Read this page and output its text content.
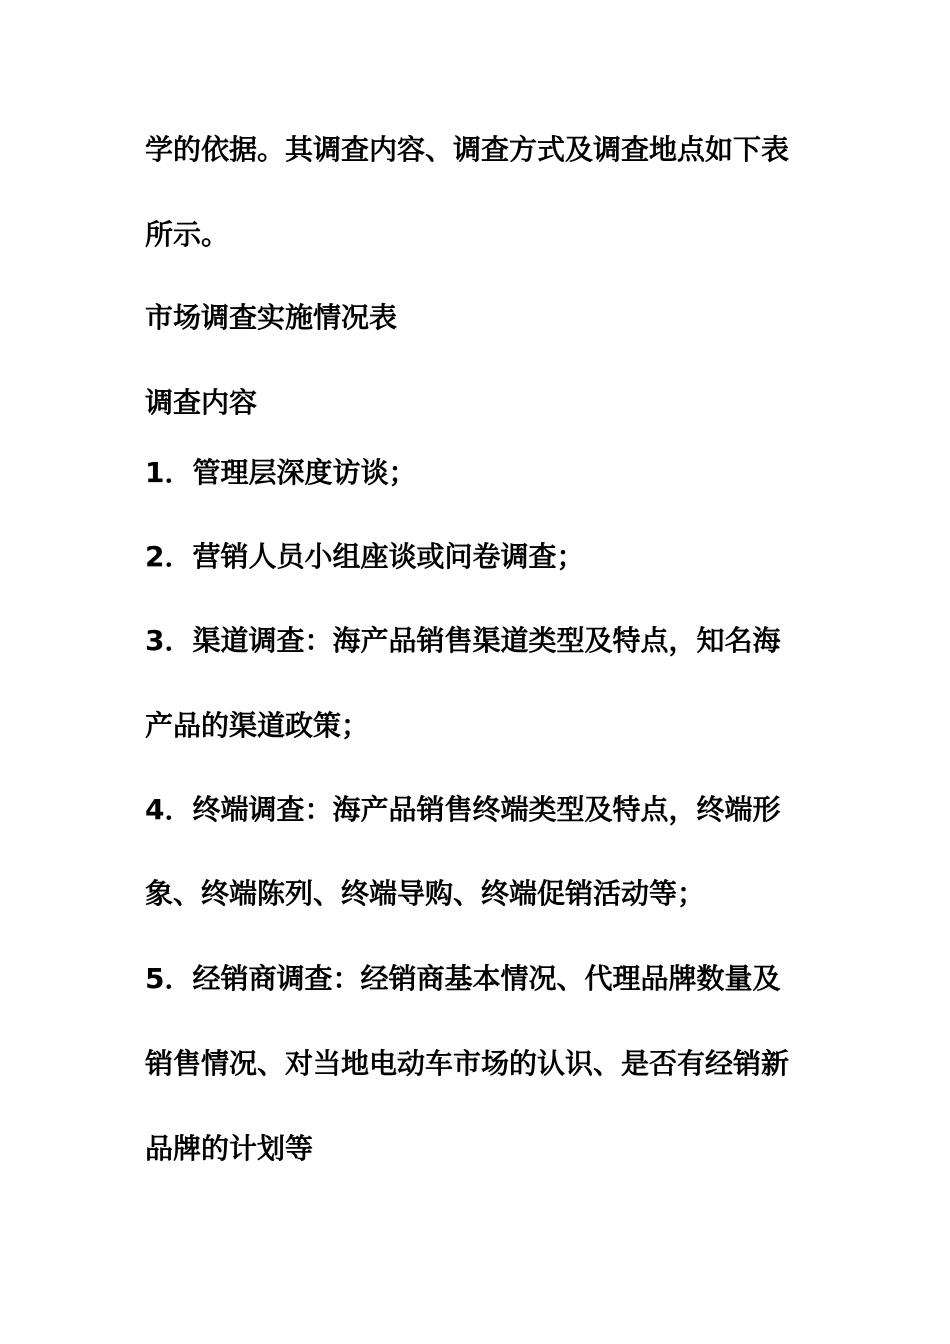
学的依据。其调查内容、调查方式及调查地点如下表
所示。
市场调查实施情况表
调查内容
1．管理层深度访谈；
2．营销人员小组座谈或问卷调查；
3．渠道调查：海产品销售渠道类型及特点，知名海
产品的渠道政策；
4．终端调查：海产品销售终端类型及特点，终端形
象、终端陈列、终端导购、终端促销活动等；
5．经销商调查：经销商基本情况、代理品牌数量及
销售情况、对当地电动车市场的认识、是否有经销新
品牌的计划等
